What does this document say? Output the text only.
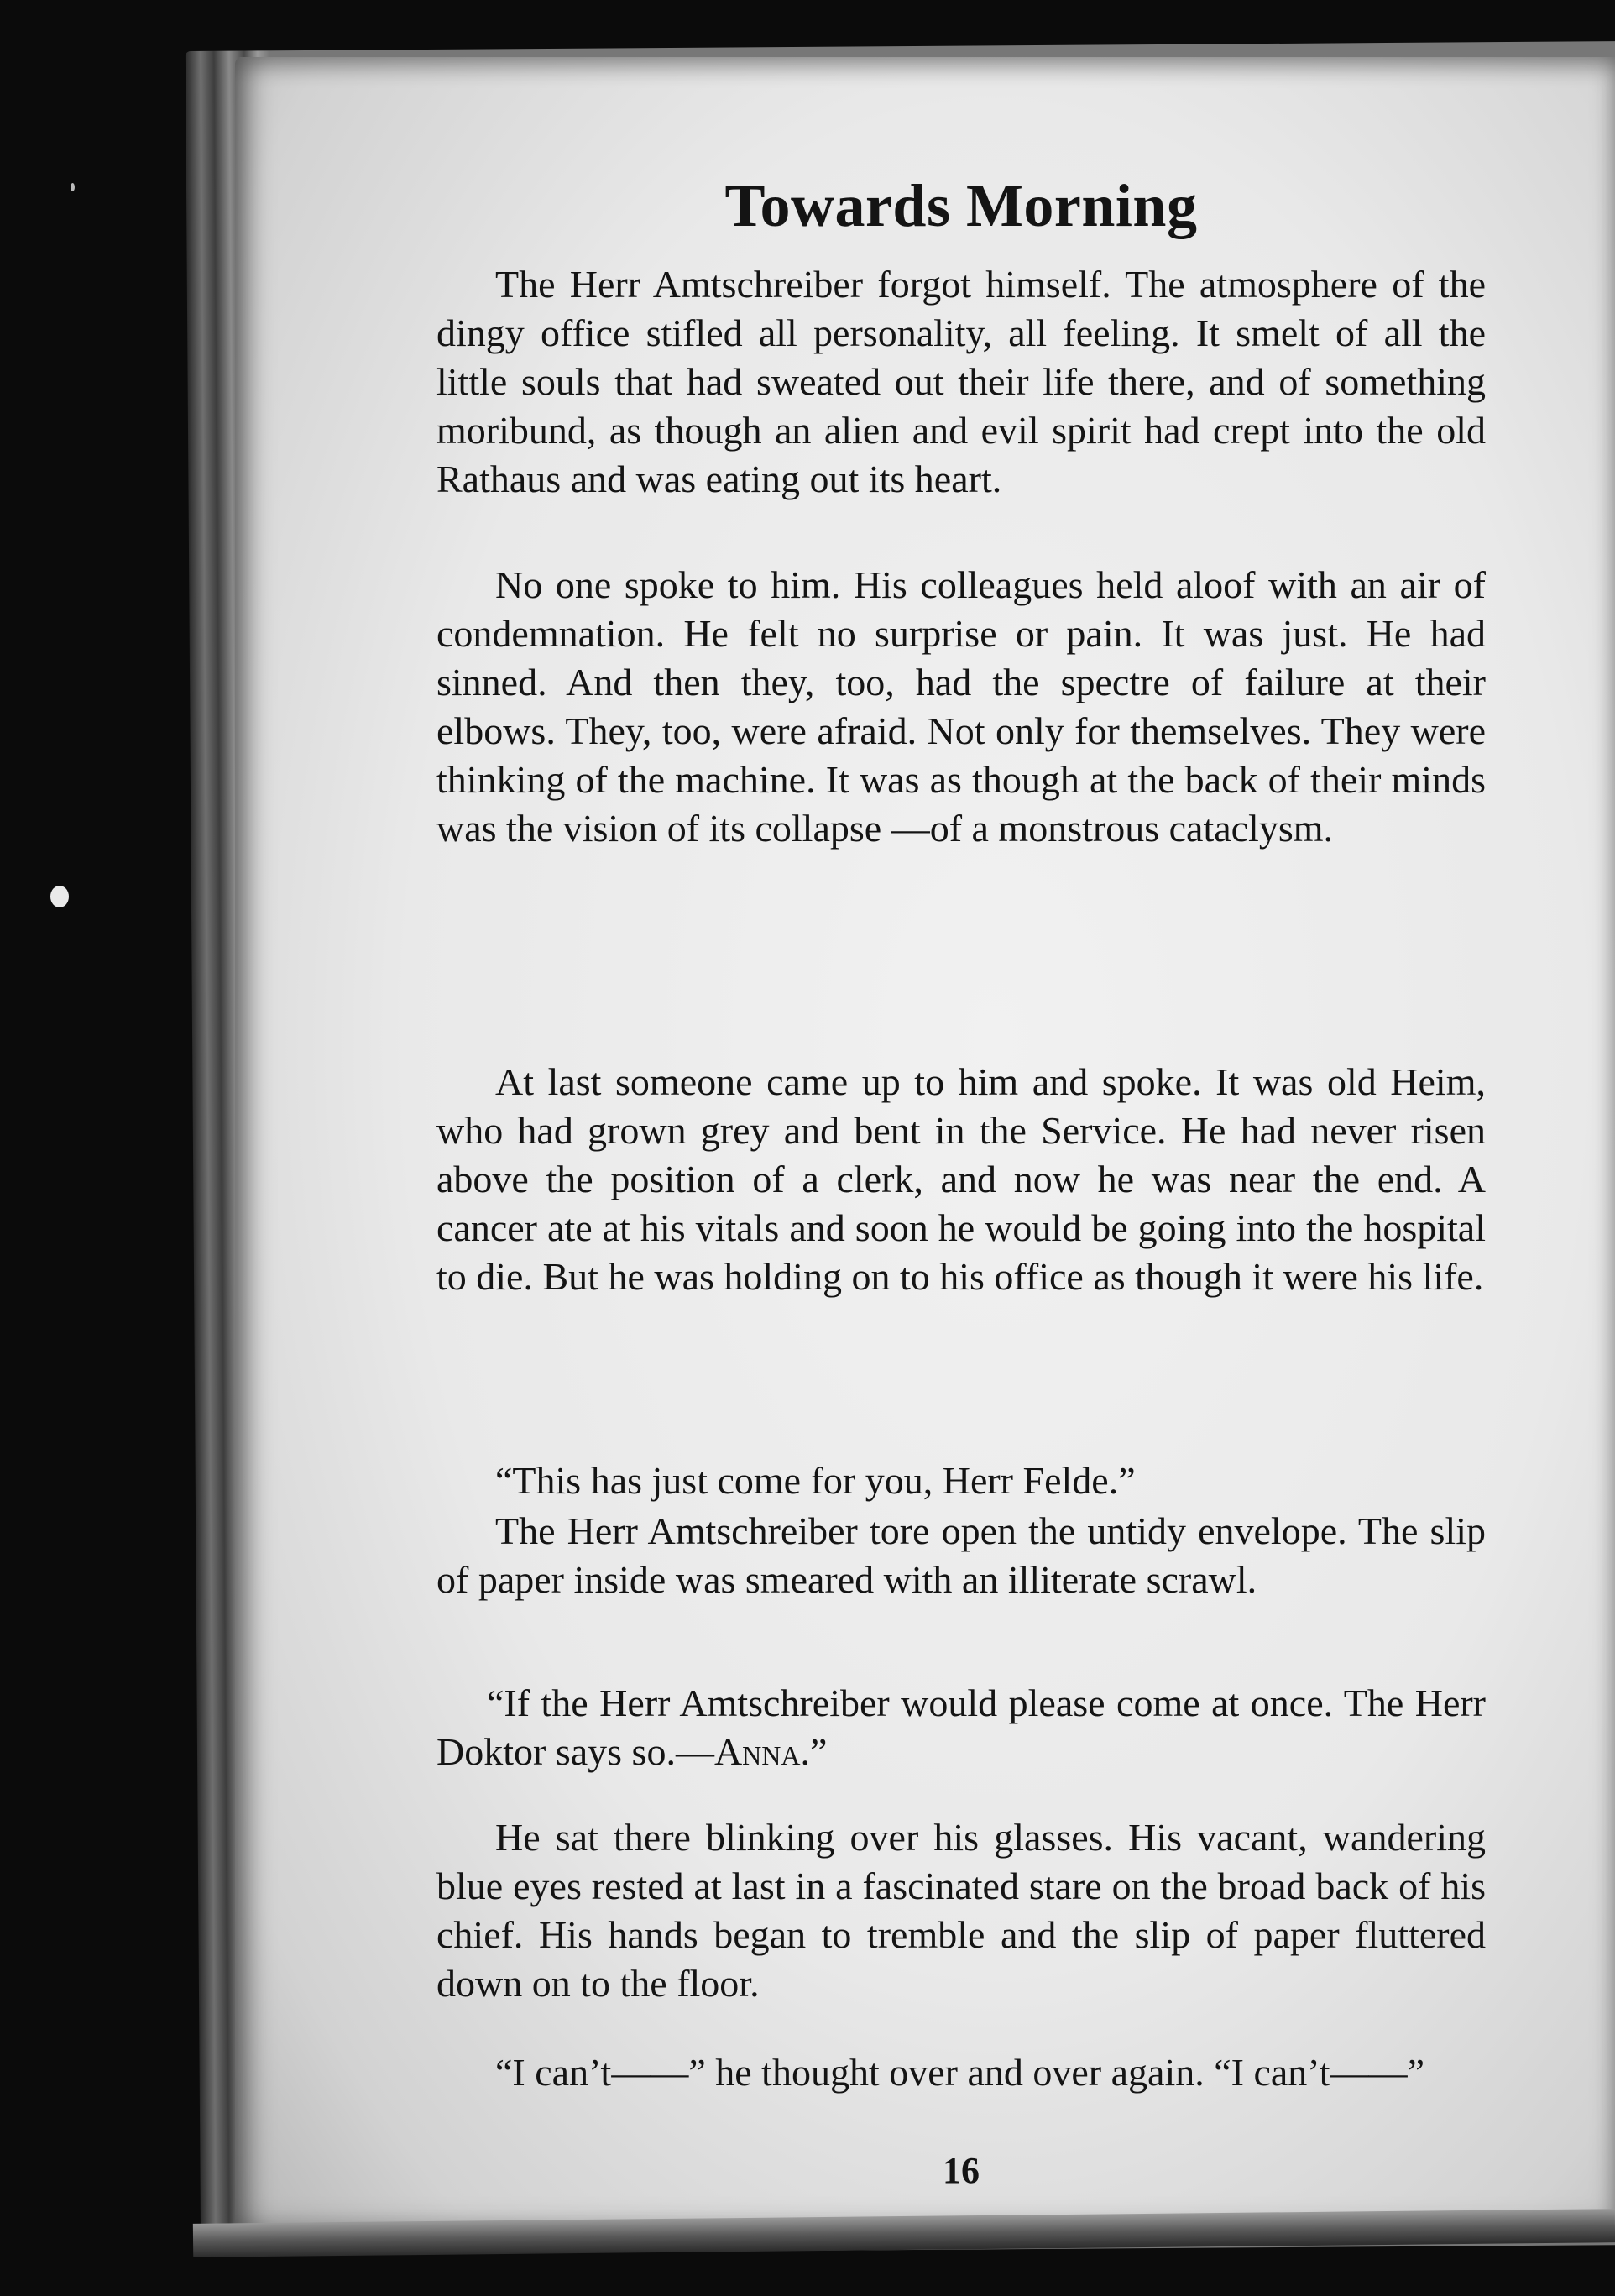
Towards Morning

The Herr Amtschreiber forgot himself. The atmosphere of the dingy office stifled all personality, all feeling. It smelt of all the little souls that had sweated out their life there, and of something moribund, as though an alien and evil spirit had crept into the old Rathaus and was eating out its heart.

No one spoke to him. His colleagues held aloof with an air of condemnation. He felt no surprise or pain. It was just. He had sinned. And then they, too, had the spectre of failure at their elbows. They, too, were afraid. Not only for themselves. They were thinking of the machine. It was as though at the back of their minds was the vision of its collapse —of a monstrous cataclysm.

At last someone came up to him and spoke. It was old Heim, who had grown grey and bent in the Service. He had never risen above the position of a clerk, and now he was near the end. A cancer ate at his vitals and soon he would be going into the hospital to die. But he was holding on to his office as though it were his life.

“This has just come for you, Herr Felde.”

The Herr Amtschreiber tore open the untidy envelope. The slip of paper inside was smeared with an illiterate scrawl.

“If the Herr Amtschreiber would please come at once. The Herr Doktor says so.—Anna.”

He sat there blinking over his glasses. His vacant, wandering blue eyes rested at last in a fascinated stare on the broad back of his chief. His hands began to tremble and the slip of paper fluttered down on to the floor.

“I can’t——” he thought over and over again. “I can’t——”

16
